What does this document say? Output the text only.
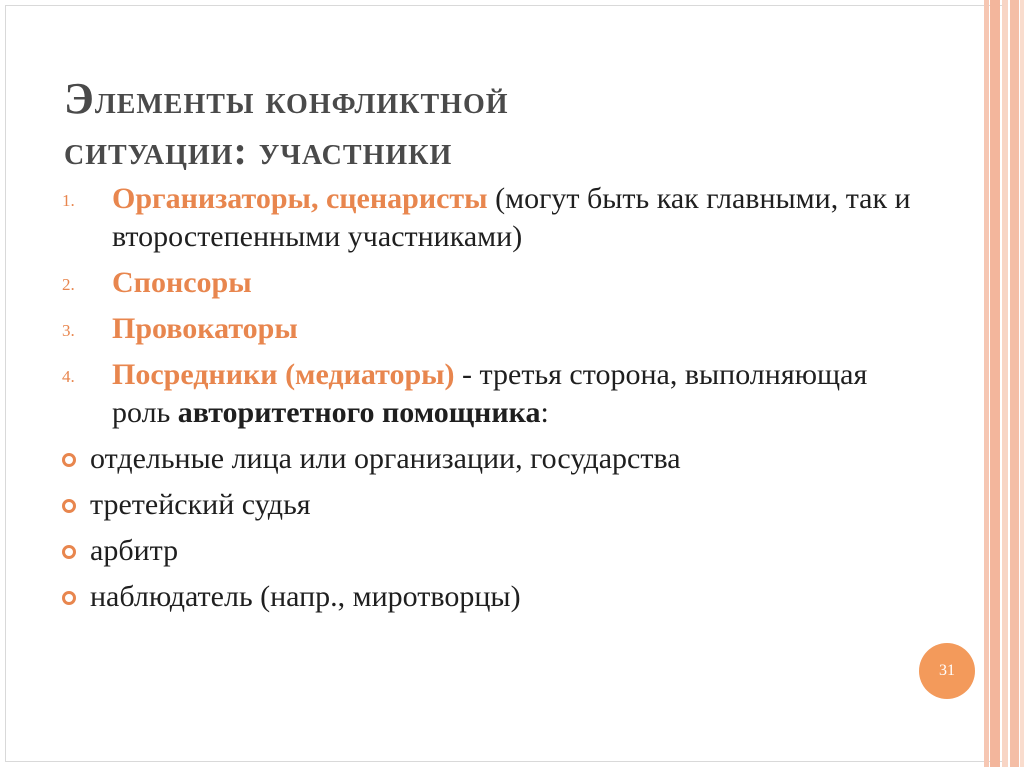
Элементы конфликтной
ситуации: участники
1. Организаторы, сценаристы (могут быть как главными, так и второстепенными участниками)
2. Спонсоры
3. Провокаторы
4. Посредники (медиаторы) - третья сторона, выполняющая роль авторитетного помощника:
отдельные лица или организации, государства
третейский судья
арбитр
наблюдатель (напр., миротворцы)
31
